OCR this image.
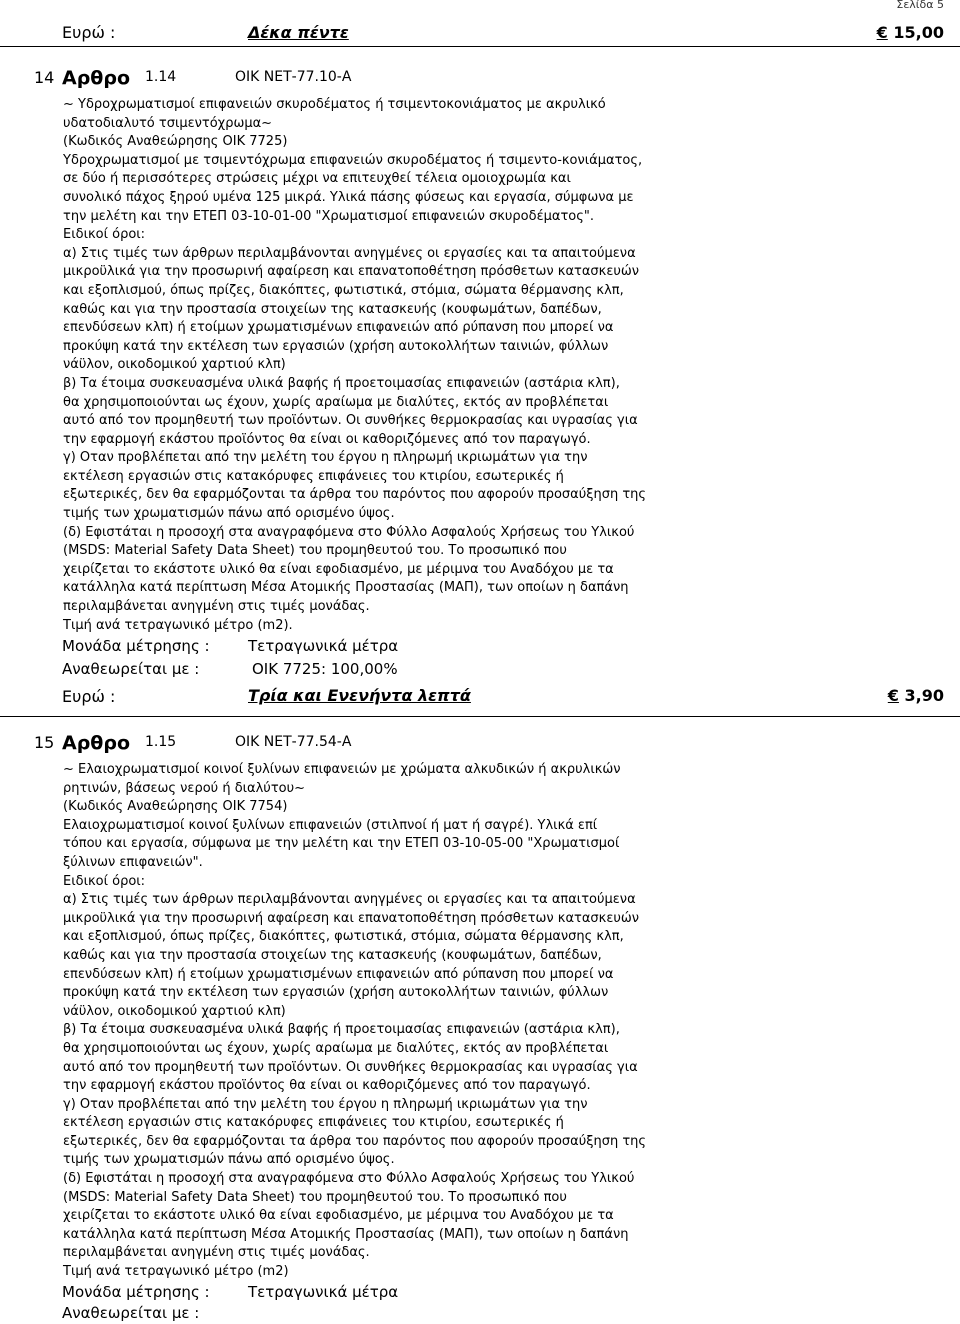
Σελίδα 5
Ευρώ :	Δέκα πέντε	€ 15,00
14 Αρθρο 1.14	ΟΙΚ ΝΕΤ-77.10-Α
~ Υδροχρωματισμοί επιφανειών σκυροδέματος ή τσιμεντοκονιάματος με ακρυλικό
υδατοδιαλυτό τσιμεντόχρωμα~
(Κωδικός Αναθεώρησης ΟΙΚ 7725)
Υδροχρωματισμοί με τσιμεντόχρωμα επιφανειών σκυροδέματος ή τσιμεντο-κονιάματος,
σε δύο ή περισσότερες στρώσεις μέχρι να επιτευχθεί τέλεια ομοιοχρωμία και
συνολικό πάχος ξηρού υμένα 125 μικρά. Υλικά πάσης φύσεως και εργασία, σύμφωνα με
την μελέτη και την ΕΤΕΠ 03-10-01-00 "Χρωματισμοί επιφανειών σκυροδέματος".
Ειδικοί όροι:
α) Στις τιμές των άρθρων περιλαμβάνονται ανηγμένες οι εργασίες και τα απαιτούμενα
μικροϋλικά για την προσωρινή αφαίρεση και επανατοποθέτηση πρόσθετων κατασκευών
και εξοπλισμού, όπως πρίζες, διακόπτες, φωτιστικά, στόμια, σώματα θέρμανσης κλπ,
καθώς και για την προστασία στοιχείων της κατασκευής (κουφωμάτων, δαπέδων,
επενδύσεων κλπ) ή ετοίμων χρωματισμένων επιφανειών από ρύπανση που μπορεί να
προκύψη κατά την εκτέλεση των εργασιών (χρήση αυτοκολλήτων ταινιών, φύλλων
νάϋλον, οικοδομικού χαρτιού κλπ)
β) Τα έτοιμα συσκευασμένα υλικά βαφής ή προετοιμασίας επιφανειών (αστάρια κλπ),
θα χρησιμοποιούνται ως έχουν, χωρίς αραίωμα με διαλύτες, εκτός αν προβλέπεται
αυτό από τον προμηθευτή των προϊόντων. Οι συνθήκες θερμοκρασίας και υγρασίας για
την εφαρμογή εκάστου προϊόντος θα είναι οι καθοριζόμενες από τον παραγωγό.
γ) Οταν προβλέπεται από την μελέτη του έργου η πληρωμή ικριωμάτων για την
εκτέλεση εργασιών στις κατακόρυφες επιφάνειες του κτιρίου, εσωτερικές ή
εξωτερικές, δεν θα εφαρμόζονται τα άρθρα του παρόντος που αφορούν προσαύξηση της
τιμής των χρωματισμών πάνω από ορισμένο ύψος.
(δ) Εφιστάται η προσοχή στα αναγραφόμενα στο Φύλλο Ασφαλούς Χρήσεως του Υλικού
(MSDS: Material Safety Data Sheet) του προμηθευτού του. Το προσωπικό που
χειρίζεται το εκάστοτε υλικό θα είναι εφοδιασμένο, με μέριμνα του Αναδόχου με τα
κατάλληλα κατά περίπτωση Μέσα Ατομικής Προστασίας (ΜΑΠ), των οποίων η δαπάνη
περιλαμβάνεται ανηγμένη στις τιμές μονάδας.
Τιμή ανά τετραγωνικό μέτρο (m2).
Μονάδα μέτρησης :	Τετραγωνικά μέτρα
Αναθεωρείται με :	ΟΙΚ 7725: 100,00%
Ευρώ :	Τρία και Ενενήντα λεπτά	€ 3,90
15 Αρθρο 1.15	ΟΙΚ ΝΕΤ-77.54-Α
~ Ελαιοχρωματισμοί κοινοί ξυλίνων επιφανειών με χρώματα αλκυδικών ή ακρυλικών
ρητινών, βάσεως νερού ή διαλύτου~
(Κωδικός Αναθεώρησης ΟΙΚ 7754)
Ελαιοχρωματισμοί κοινοί ξυλίνων επιφανειών (στιλπνοί ή ματ ή σαγρέ). Υλικά επί
τόπου και εργασία, σύμφωνα με την μελέτη και την ΕΤΕΠ 03-10-05-00 "Χρωματισμοί
ξύλινων επιφανειών".
Ειδικοί όροι:
α) Στις τιμές των άρθρων περιλαμβάνονται ανηγμένες οι εργασίες και τα απαιτούμενα
μικροϋλικά για την προσωρινή αφαίρεση και επανατοποθέτηση πρόσθετων κατασκευών
και εξοπλισμού, όπως πρίζες, διακόπτες, φωτιστικά, στόμια, σώματα θέρμανσης κλπ,
καθώς και για την προστασία στοιχείων της κατασκευής (κουφωμάτων, δαπέδων,
επενδύσεων κλπ) ή ετοίμων χρωματισμένων επιφανειών από ρύπανση που μπορεί να
προκύψη κατά την εκτέλεση των εργασιών (χρήση αυτοκολλήτων ταινιών, φύλλων
νάϋλον, οικοδομικού χαρτιού κλπ)
β) Τα έτοιμα συσκευασμένα υλικά βαφής ή προετοιμασίας επιφανειών (αστάρια κλπ),
θα χρησιμοποιούνται ως έχουν, χωρίς αραίωμα με διαλύτες, εκτός αν προβλέπεται
αυτό από τον προμηθευτή των προϊόντων. Οι συνθήκες θερμοκρασίας και υγρασίας για
την εφαρμογή εκάστου προϊόντος θα είναι οι καθοριζόμενες από τον παραγωγό.
γ) Οταν προβλέπεται από την μελέτη του έργου η πληρωμή ικριωμάτων για την
εκτέλεση εργασιών στις κατακόρυφες επιφάνειες του κτιρίου, εσωτερικές ή
εξωτερικές, δεν θα εφαρμόζονται τα άρθρα του παρόντος που αφορούν προσαύξηση της
τιμής των χρωματισμών πάνω από ορισμένο ύψος.
(δ) Εφιστάται η προσοχή στα αναγραφόμενα στο Φύλλο Ασφαλούς Χρήσεως του Υλικού
(MSDS: Material Safety Data Sheet) του προμηθευτού του. Το προσωπικό που
χειρίζεται το εκάστοτε υλικό θα είναι εφοδιασμένο, με μέριμνα του Αναδόχου με τα
κατάλληλα κατά περίπτωση Μέσα Ατομικής Προστασίας (ΜΑΠ), των οποίων η δαπάνη
περιλαμβάνεται ανηγμένη στις τιμές μονάδας.
Τιμή ανά τετραγωνικό μέτρο (m2)
Μονάδα μέτρησης :	Τετραγωνικά μέτρα
Αναθεωρείται με :
